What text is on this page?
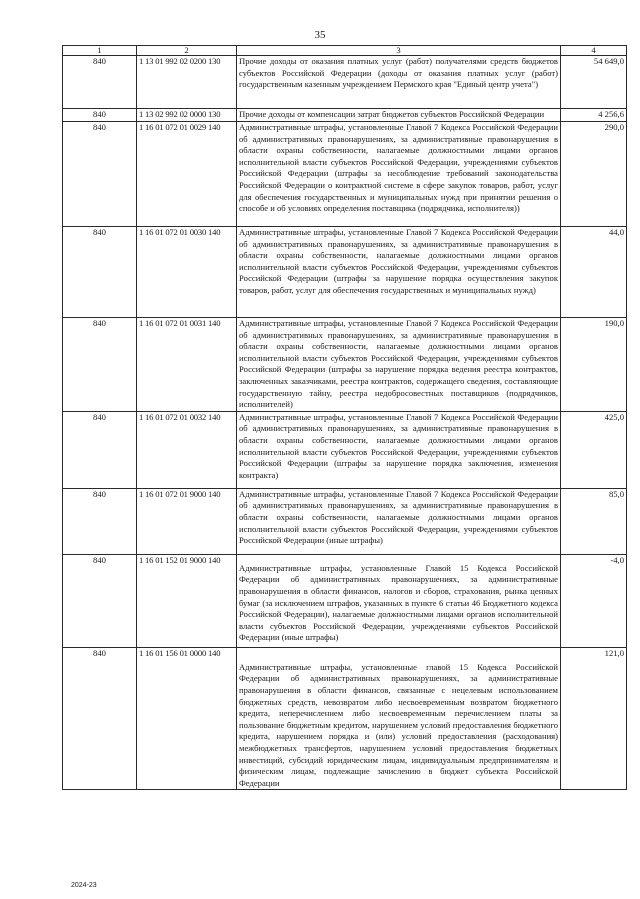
35
1	2	3	4
840	1 13 01 992 02 0200 130	Прочие доходы от оказания платных услуг (работ) получателями средств бюджетов субъектов Российской Федерации (доходы от оказания платных услуг (работ) государственным казенным учреждением Пермского края "Единый центр учета")	54 649,0
840	1 13 02 992 02 0000 130	Прочие доходы от компенсации затрат бюджетов субъектов Российской Федерации	4 256,6
840	1 16 01 072 01 0029 140	Административные штрафы, установленные Главой 7 Кодекса Российской Федерации об административных правонарушениях, за административные правонарушения в области охраны собственности, налагаемые должностными лицами органов исполнительной власти субъектов Российской Федерации, учреждениями субъектов Российской Федерации (штрафы за несоблюдение требований законодательства Российской Федерации о контрактной системе в сфере закупок товаров, работ, услуг для обеспечения государственных и муниципальных нужд при принятии решения о способе и об условиях определения поставщика (подрядчика, исполнителя))	290,0
840	1 16 01 072 01 0030 140	Административные штрафы, установленные Главой 7 Кодекса Российской Федерации об административных правонарушениях, за административные правонарушения в области охраны собственности, налагаемые должностными лицами органов исполнительной власти субъектов Российской Федерации, учреждениями субъектов Российской Федерации (штрафы за нарушение порядка осуществления закупок товаров, работ, услуг для обеспечения государственных и муниципальных нужд)	44,0
840	1 16 01 072 01 0031 140	Административные штрафы, установленные Главой 7 Кодекса Российской Федерации об административных правонарушениях, за административные правонарушения в области охраны собственности, налагаемые должностными лицами органов исполнительной власти субъектов Российской Федерации, учреждениями субъектов Российской Федерации (штрафы за нарушение порядка ведения реестра контрактов, заключенных заказчиками, реестра контрактов, содержащего сведения, составляющие государственную тайну, реестра недобросовестных поставщиков (подрядчиков, исполнителей)	190,0
840	1 16 01 072 01 0032 140	Административные штрафы, установленные Главой 7 Кодекса Российской Федерации об административных правонарушениях, за административные правонарушения в области охраны собственности, налагаемые должностными лицами органов исполнительной власти субъектов Российской Федерации, учреждениями субъектов Российской Федерации (штрафы за нарушение порядка заключения, изменения контракта)	425,0
840	1 16 01 072 01 9000 140	Административные штрафы, установленные Главой 7 Кодекса Российской Федерации об административных правонарушениях, за административные правонарушения в области охраны собственности, налагаемые должностными лицами органов исполнительной власти субъектов Российской Федерации, учреждениями субъектов Российской Федерации (иные штрафы)	85,0
840	1 16 01 152 01 9000 140	Административные штрафы, установленные Главой 15 Кодекса Российской Федерации об административных правонарушениях, за административные правонарушения в области финансов, налогов и сборов, страхования, рынка ценных бумаг (за исключением штрафов, указанных в пункте 6 статьи 46 Бюджетного кодекса Российской Федерации), налагаемые должностными лицами органов исполнительной власти субъектов Российской Федерации, учреждениями субъектов Российской Федерации (иные штрафы)	-4,0
840	1 16 01 156 01 0000 140	Административные штрафы, установленные главой 15 Кодекса Российской Федерации об административных правонарушениях, за административные правонарушения в области финансов, связанные с нецелевым использованием бюджетных средств, невозвратом либо несвоевременным возвратом бюджетного кредита, неперечислением либо несвоевременным перечислением платы за пользование бюджетным кредитом, нарушением условий предоставления бюджетного кредита, нарушением порядка и (или) условий предоставления (расходования) межбюджетных трансфертов, нарушением условий предоставления бюджетных инвестиций, субсидий юридическим лицам, индивидуальным предпринимателям и физическим лицам, подлежащие зачислению в бюджет субъекта Российской Федерации	121,0
2024-23
